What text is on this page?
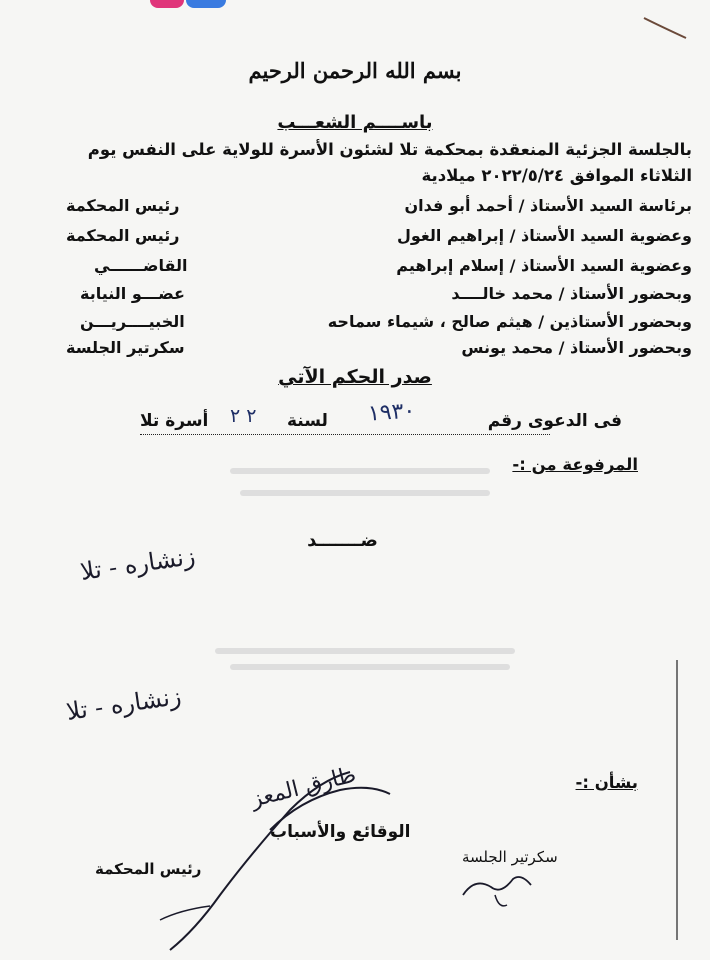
بسم الله الرحمن الرحيم
باســــم الشعـــب
بالجلسة الجزئية المنعقدة بمحكمة تلا لشئون الأسرة للولاية على النفس يوم
الثلاثاء الموافق ٢٠٢٢/٥/٢٤ ميلادية
برئاسة السيد الأستاذ / أحمد أبو فدان
رئيس المحكمة
وعضوية السيد الأستاذ / إبراهيم الغول
رئيس المحكمة
وعضوية السيد الأستاذ / إسلام إبراهيم
القاضــــــي
وبحضور الأستاذ / محمد خالــــد
عضـــو النيابة
وبحضور الأستاذين / هيثم صالح ، شيماء سماحه
الخبيــــريـــن
وبحضور الأستاذ / محمد يونس
سكرتير الجلسة
صدر الحكم الآتي
فى الدعوى رقم
١٩٣٠
لسنة
٢ ٢
أسرة تلا
المرفوعة من :-
ضـــــــد
زنشاره - تلا
زنشاره - تلا
بشأن :-
طارق المعز
الوقائع والأسباب
سكرتير الجلسة
رئيس المحكمة
